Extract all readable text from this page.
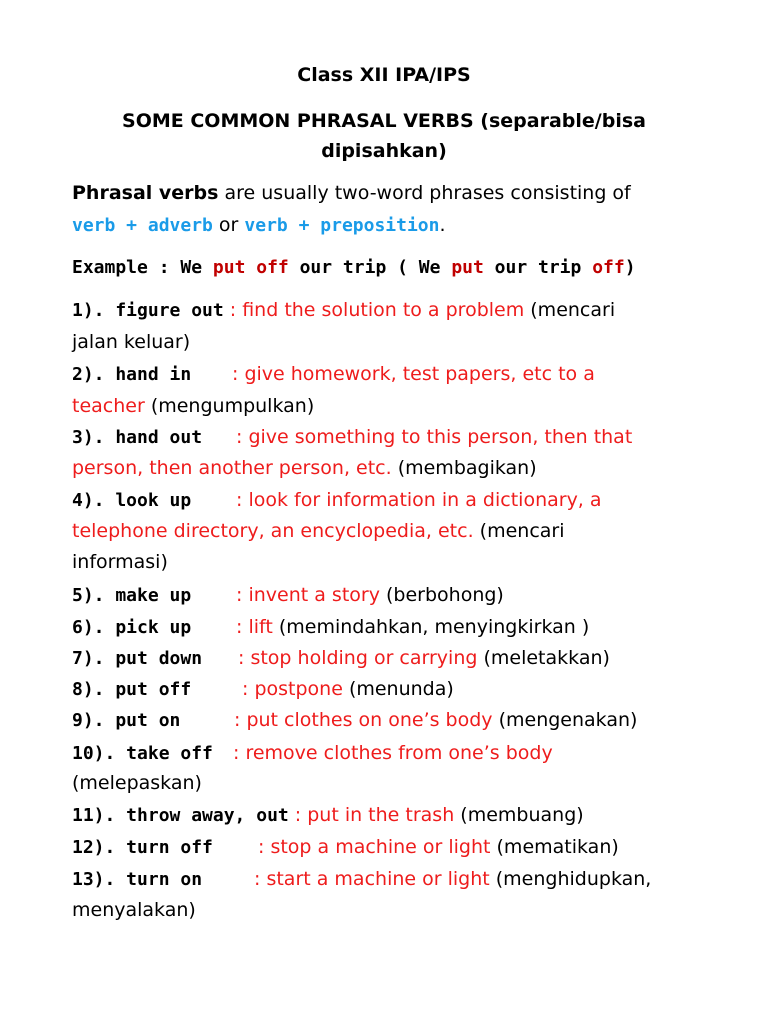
Class XII IPA/IPS
SOME COMMON PHRASAL VERBS (separable/bisa
dipisahkan)
Phrasal verbs are usually two-word phrases consisting of
verb + adverb or verb + preposition.
Example : We put off our trip ( We put our trip off)
1). figure out : find the solution to a problem (mencari
jalan keluar)
2). hand in : give homework, test papers, etc to a
teacher (mengumpulkan)
3). hand out : give something to this person, then that
person, then another person, etc. (membagikan)
4). look up : look for information in a dictionary, a
telephone directory, an encyclopedia, etc. (mencari
informasi)
5). make up : invent a story (berbohong)
6). pick up : lift (memindahkan, menyingkirkan )
7). put down : stop holding or carrying (meletakkan)
8). put off	: postpone (menunda)
9). put on	: put clothes on one’s body (mengenakan)
10). take off : remove clothes from one’s body
(melepaskan)
11). throw away, out : put in the trash (membuang)
12). turn off : stop a machine or light (mematikan)
13). turn on	: start a machine or light (menghidupkan,
menyalakan)
